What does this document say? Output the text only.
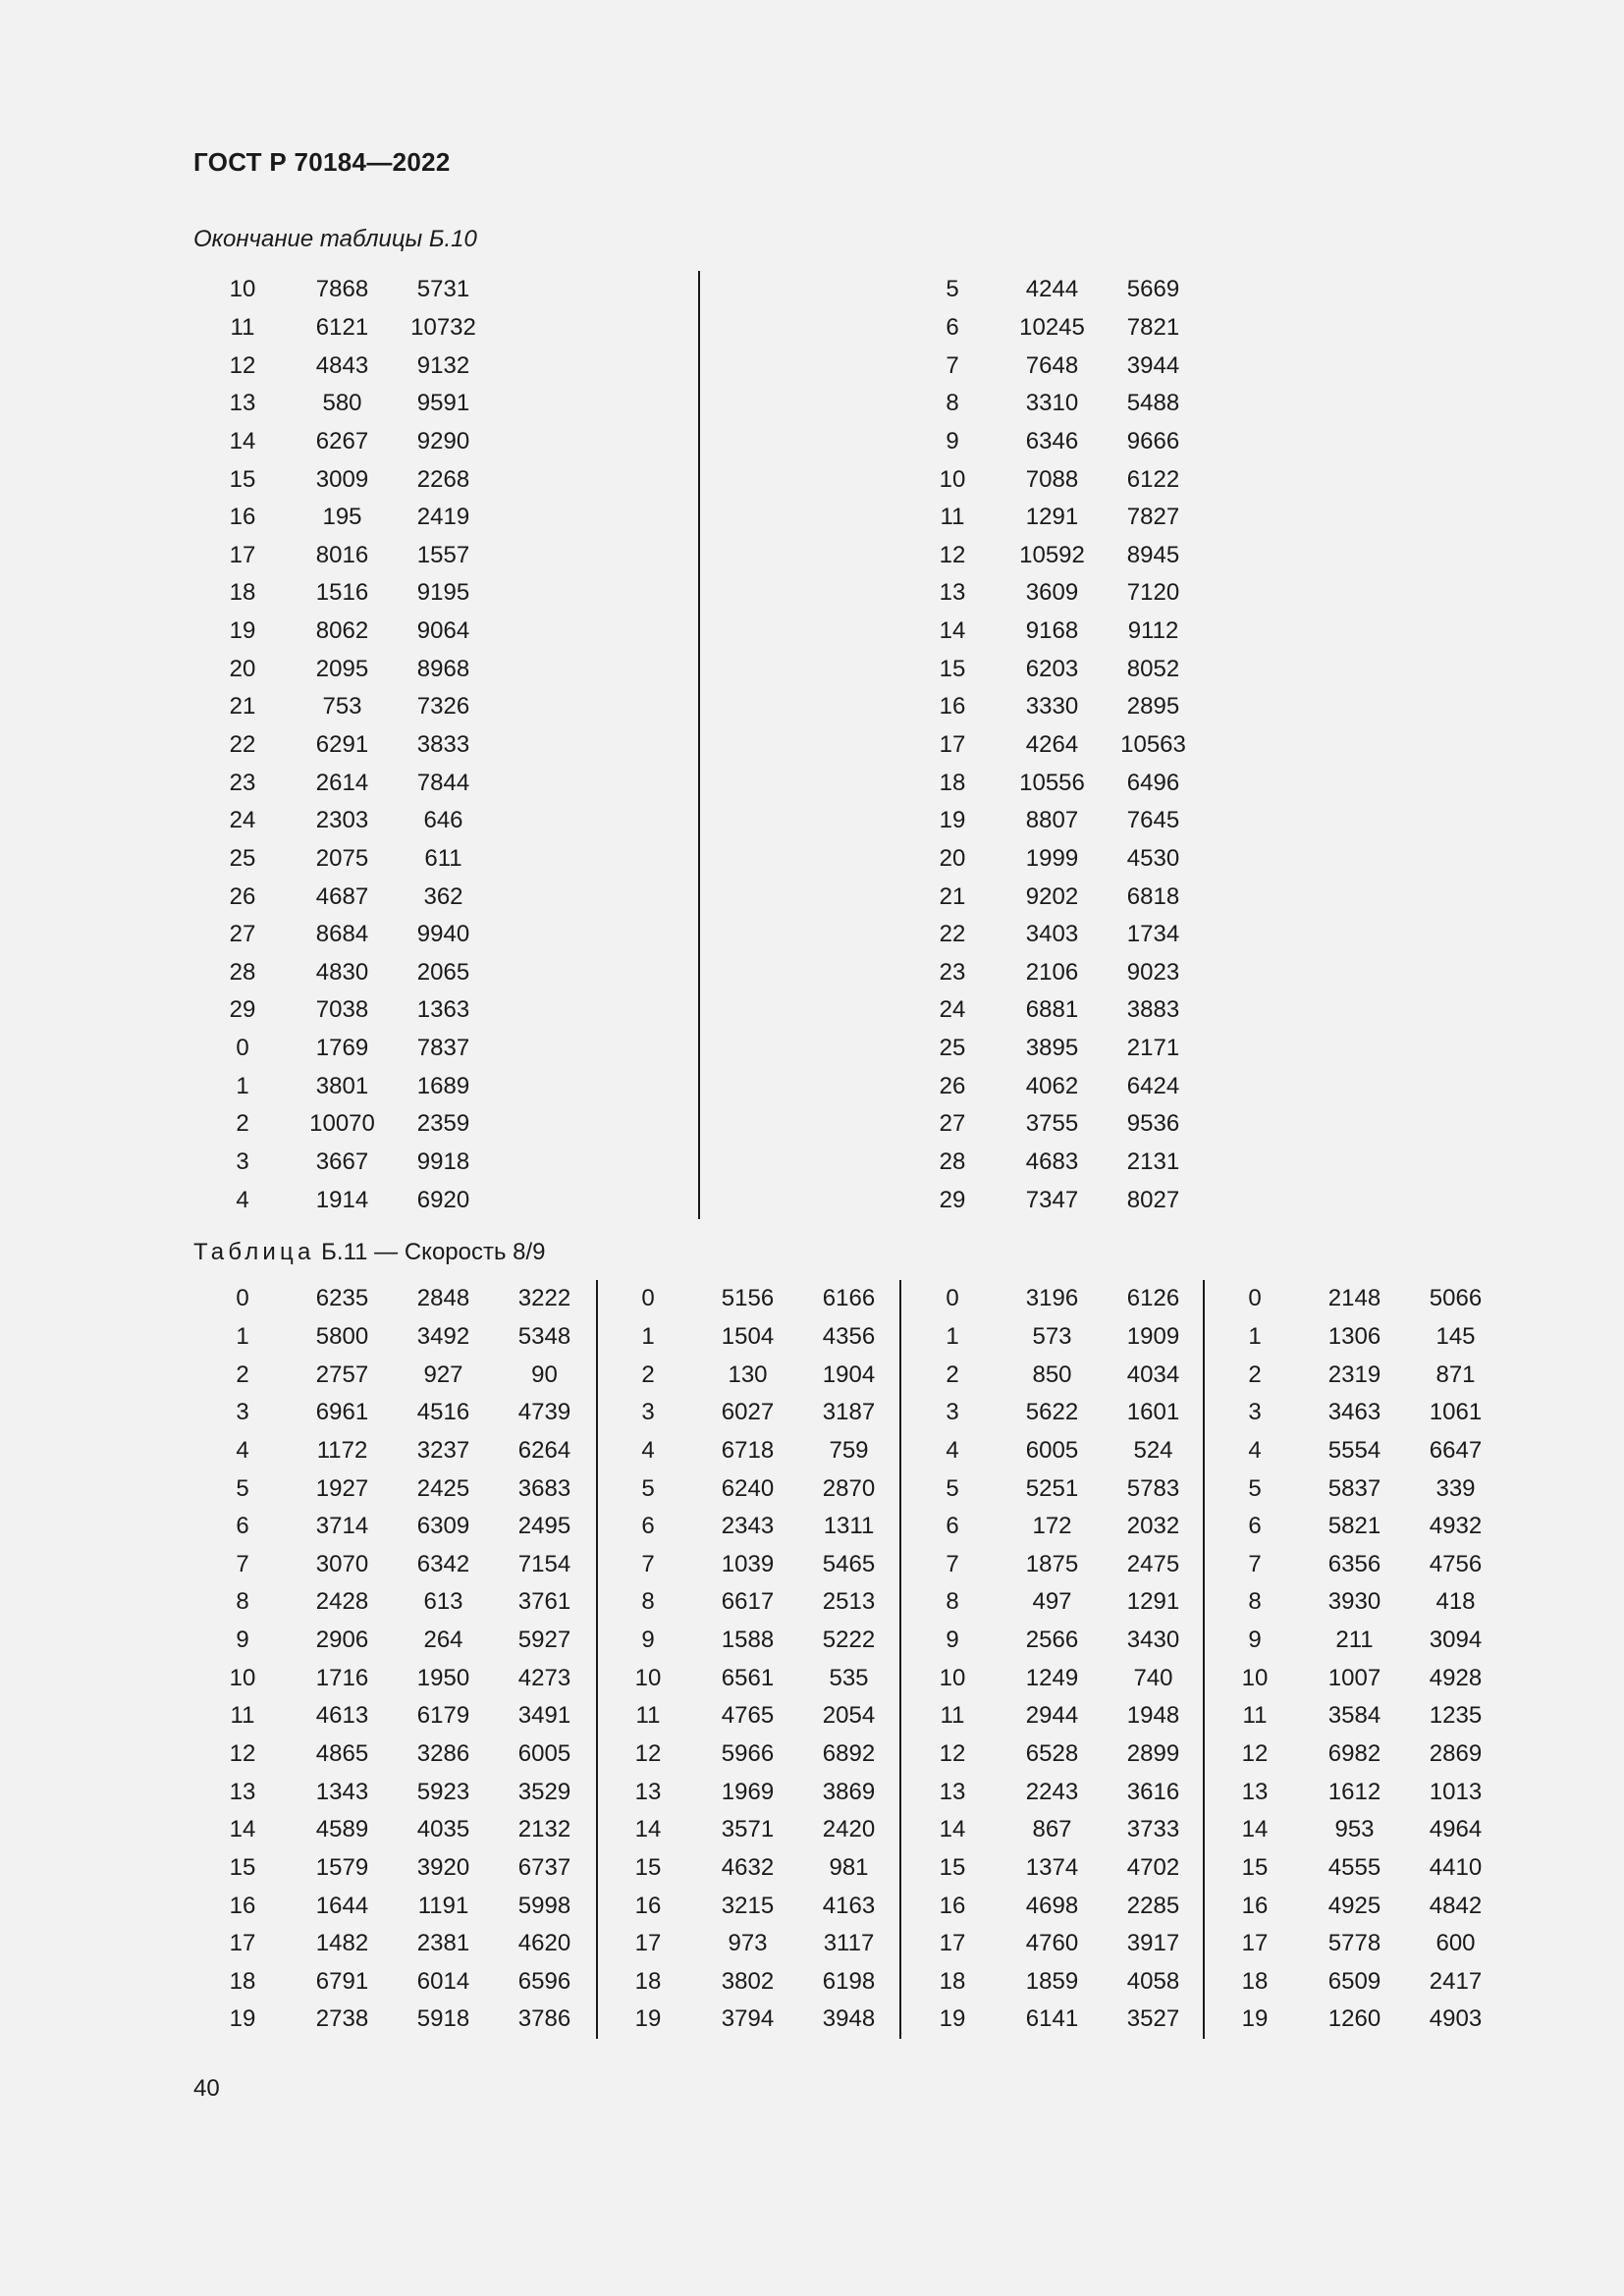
ГОСТ Р 70184—2022
Окончание таблицы Б.10
10	7868	5731
11	6121	10732
12	4843	9132
13	580	9591
14	6267	9290
15	3009	2268
16	195	2419
17	8016	1557
18	1516	9195
19	8062	9064
20	2095	8968
21	753	7326
22	6291	3833
23	2614	7844
24	2303	646
25	2075	611
26	4687	362
27	8684	9940
28	4830	2065
29	7038	1363
0	1769	7837
1	3801	1689
2	10070	2359
3	3667	9918
4	1914	6920
5	4244	5669
6	10245	7821
7	7648	3944
8	3310	5488
9	6346	9666
10	7088	6122
11	1291	7827
12	10592	8945
13	3609	7120
14	9168	9112
15	6203	8052
16	3330	2895
17	4264	10563
18	10556	6496
19	8807	7645
20	1999	4530
21	9202	6818
22	3403	1734
23	2106	9023
24	6881	3883
25	3895	2171
26	4062	6424
27	3755	9536
28	4683	2131
29	7347	8027
Таблица Б.11 — Скорость 8/9
0	6235	2848	3222
1	5800	3492	5348
2	2757	927	90
3	6961	4516	4739
4	1172	3237	6264
5	1927	2425	3683
6	3714	6309	2495
7	3070	6342	7154
8	2428	613	3761
9	2906	264	5927
10	1716	1950	4273
11	4613	6179	3491
12	4865	3286	6005
13	1343	5923	3529
14	4589	4035	2132
15	1579	3920	6737
16	1644	1191	5998
17	1482	2381	4620
18	6791	6014	6596
19	2738	5918	3786
0	5156	6166
1	1504	4356
2	130	1904
3	6027	3187
4	6718	759
5	6240	2870
6	2343	1311
7	1039	5465
8	6617	2513
9	1588	5222
10	6561	535
11	4765	2054
12	5966	6892
13	1969	3869
14	3571	2420
15	4632	981
16	3215	4163
17	973	3117
18	3802	6198
19	3794	3948
0	3196	6126
1	573	1909
2	850	4034
3	5622	1601
4	6005	524
5	5251	5783
6	172	2032
7	1875	2475
8	497	1291
9	2566	3430
10	1249	740
11	2944	1948
12	6528	2899
13	2243	3616
14	867	3733
15	1374	4702
16	4698	2285
17	4760	3917
18	1859	4058
19	6141	3527
0	2148	5066
1	1306	145
2	2319	871
3	3463	1061
4	5554	6647
5	5837	339
6	5821	4932
7	6356	4756
8	3930	418
9	211	3094
10	1007	4928
11	3584	1235
12	6982	2869
13	1612	1013
14	953	4964
15	4555	4410
16	4925	4842
17	5778	600
18	6509	2417
19	1260	4903
40
